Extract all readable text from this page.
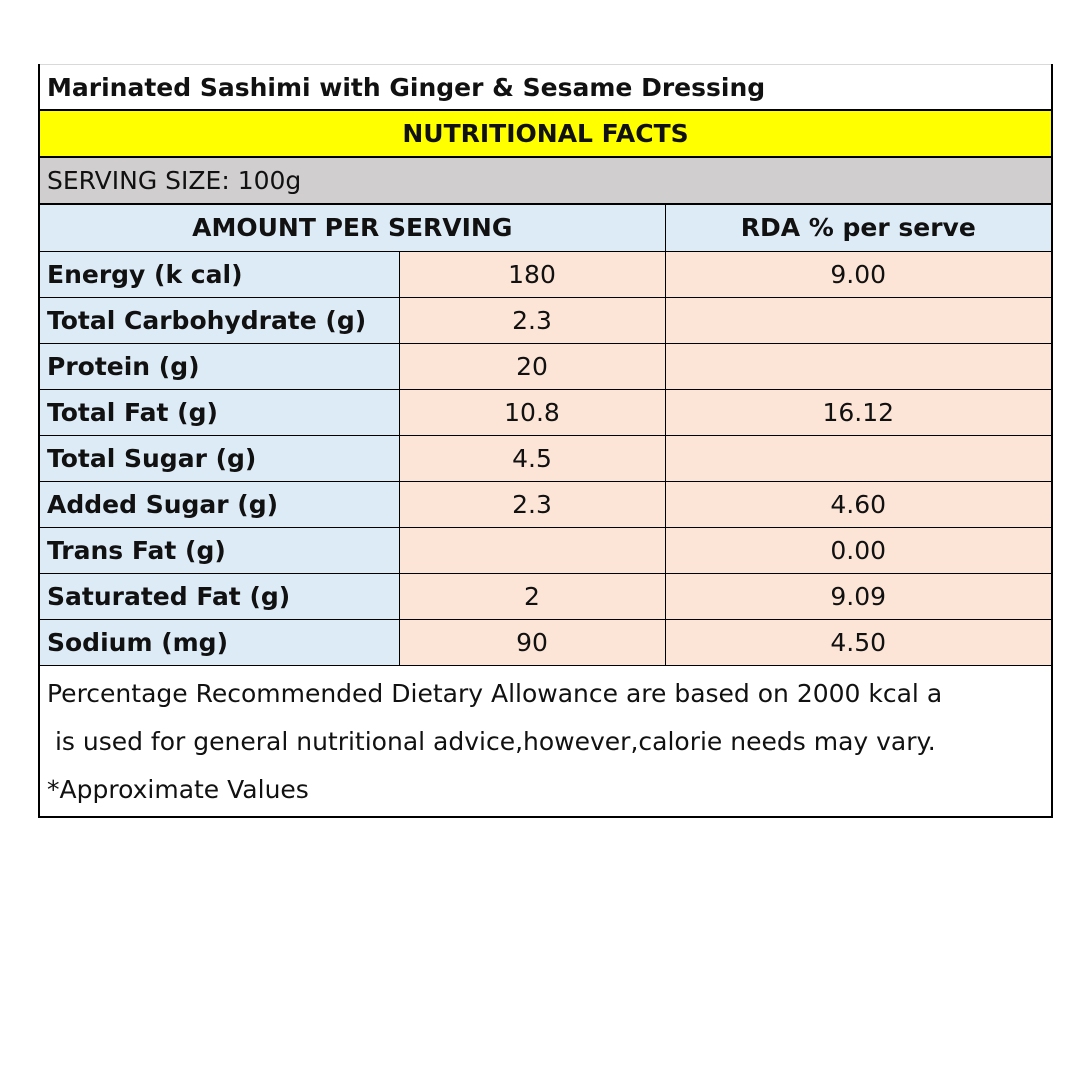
Marinated Sashimi with Ginger & Sesame Dressing
NUTRITIONAL FACTS
SERVING SIZE: 100g
AMOUNT PER SERVING		RDA % per serve
Energy (k cal)	180	9.00
Total Carbohydrate (g)	2.3	
Protein (g)	20	
Total Fat (g)	10.8	16.12
Total Sugar (g)	4.5	
Added Sugar (g)	2.3	4.60
Trans Fat (g)		0.00
Saturated Fat (g)	2	9.09
Sodium (mg)	90	4.50
Percentage Recommended Dietary Allowance are based on 2000 kcal a
is used for general nutritional advice,however,calorie needs may vary.
*Approximate Values
